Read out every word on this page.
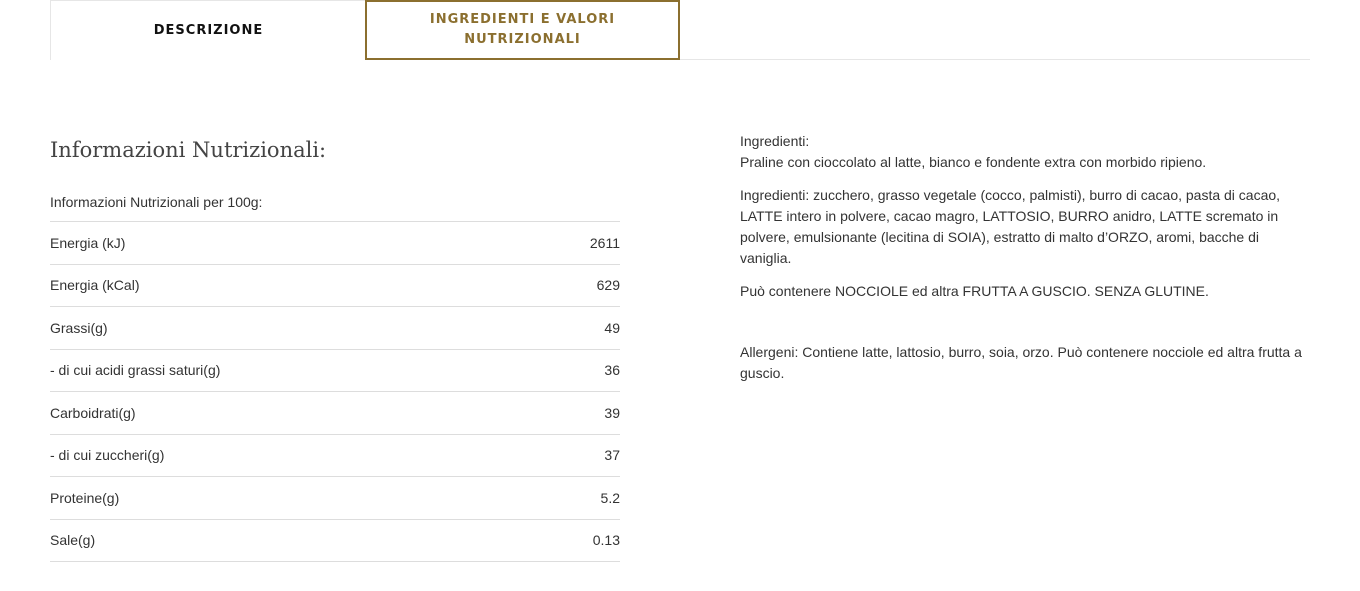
DESCRIZIONE
INGREDIENTI E VALORI
NUTRIZIONALI
Informazioni Nutrizionali:
Informazioni Nutrizionali per 100g:
Energia (kJ)	2611
Energia (kCal)	629
Grassi(g)	49
- di cui acidi grassi saturi(g)	36
Carboidrati(g)	39
- di cui zuccheri(g)	37
Proteine(g)	5.2
Sale(g)	0.13

Ingredienti:
Praline con cioccolato al latte, bianco e fondente extra con morbido ripieno.

Ingredienti: zucchero, grasso vegetale (cocco, palmisti), burro di cacao, pasta di cacao, LATTE intero in polvere, cacao magro, LATTOSIO, BURRO anidro, LATTE scremato in polvere, emulsionante (lecitina di SOIA), estratto di malto d’ORZO, aromi, bacche di vaniglia.

Può contenere NOCCIOLE ed altra FRUTTA A GUSCIO. SENZA GLUTINE.

Allergeni: Contiene latte, lattosio, burro, soia, orzo. Può contenere nocciole ed altra frutta a guscio.
